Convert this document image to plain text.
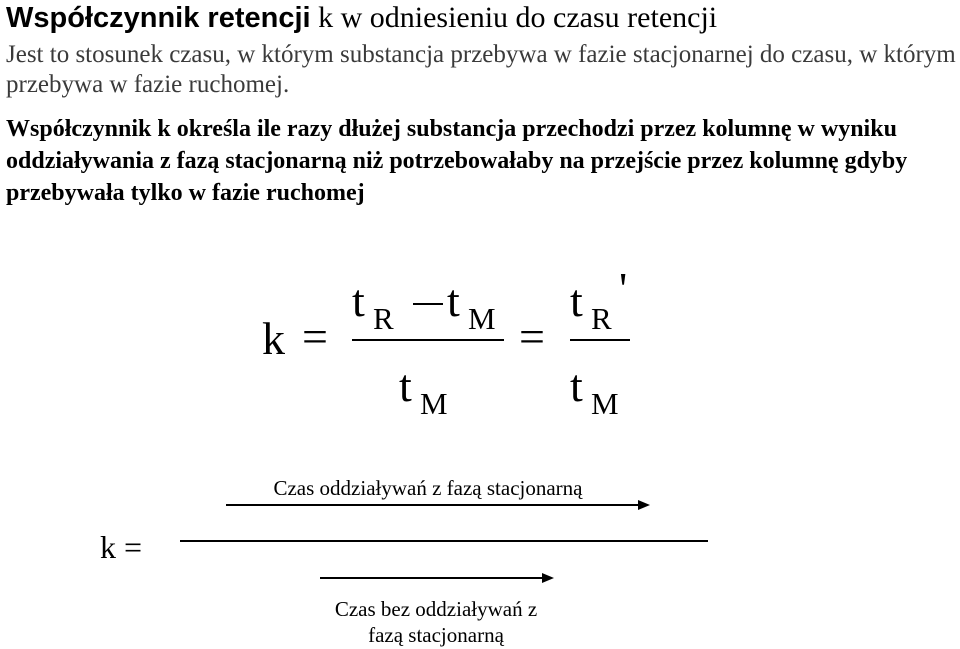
Współczynnik retencji k w odniesieniu do czasu retencji
Jest to stosunek czasu, w którym substancja przebywa w fazie stacjonarnej do czasu, w którym przebywa w fazie ruchomej.
Współczynnik k określa ile razy dłużej substancja przechodzi przez kolumnę w wyniku oddziaływania z fazą stacjonarną niż potrzebowałaby na przejście przez kolumnę gdyby przebywała tylko w fazie ruchomej
k =
t R t M
t M
=
t R
'
t M
k =
Czas oddziaływań z fazą stacjonarną
Czas bez oddziaływań z
fazą stacjonarną
